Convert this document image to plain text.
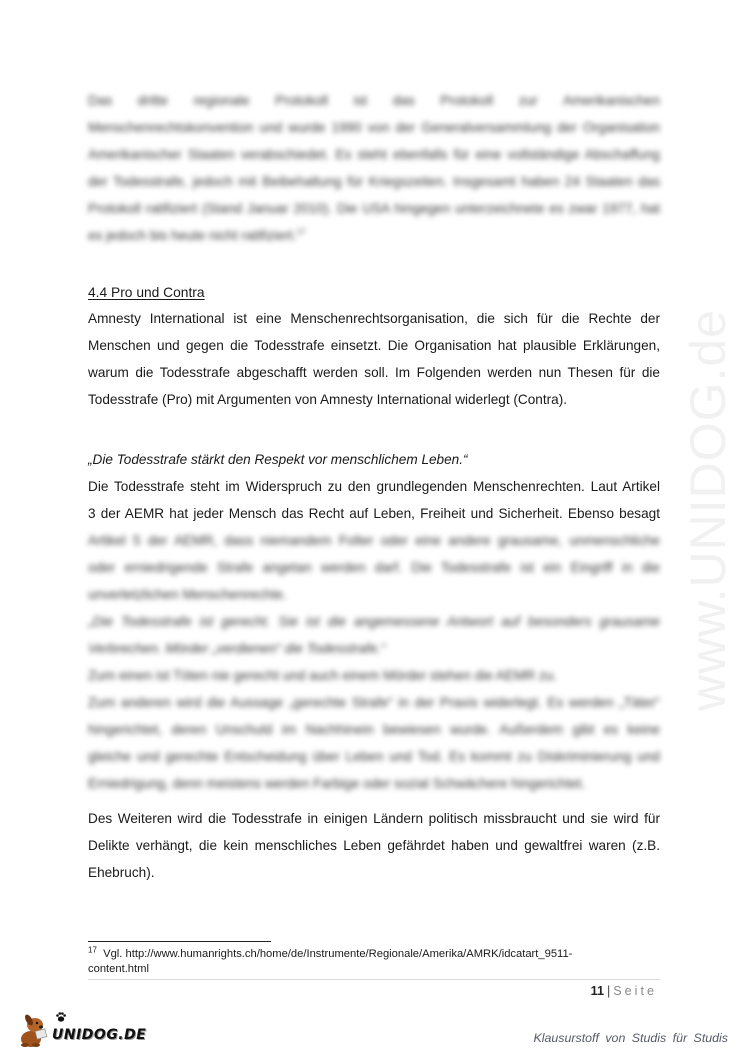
www.UNIDOG.de
Das dritte regionale Protokoll ist das Protokoll zur Amerikanischen
Menschenrechtskonvention und wurde 1990 von der Generalversammlung der Organisation
Amerikanischer Staaten verabschiedet. Es steht ebenfalls für eine vollständige Abschaffung
der Todesstrafe, jedoch mit Beibehaltung für Kriegszeiten. Insgesamt haben 24 Staaten das
Protokoll ratifiziert (Stand Januar 2010). Die USA hingegen unterzeichnete es zwar 1977, hat
es jedoch bis heute nicht ratifiziert.$^{17}$
4.4 Pro und Contra
Amnesty International ist eine Menschenrechtsorganisation, die sich für die Rechte der
Menschen und gegen die Todesstrafe einsetzt. Die Organisation hat plausible Erklärungen,
warum die Todesstrafe abgeschafft werden soll. Im Folgenden werden nun Thesen für die
Todesstrafe (Pro) mit Argumenten von Amnesty International widerlegt (Contra).
„Die Todesstrafe stärkt den Respekt vor menschlichem Leben.“
Die Todesstrafe steht im Widerspruch zu den grundlegenden Menschenrechten. Laut Artikel
3 der AEMR hat jeder Mensch das Recht auf Leben, Freiheit und Sicherheit. Ebenso besagt
Artikel 5 der AEMR, dass niemandem Folter oder eine andere grausame, unmenschliche
oder erniedrigende Strafe angetan werden darf. Die Todesstrafe ist ein Eingriff in die
unverletzlichen Menschenrechte.
„Die Todesstrafe ist gerecht. Sie ist die angemessene Antwort auf besonders grausame
Verbrechen. Mörder „verdienen“ die Todesstrafe.“
Zum einen ist Töten nie gerecht und auch einem Mörder stehen die AEMR zu.
Zum anderen wird die Aussage „gerechte Strafe“ in der Praxis widerlegt. Es werden „Täter“
hingerichtet, deren Unschuld im Nachhinein bewiesen wurde. Außerdem gibt es keine
gleiche und gerechte Entscheidung über Leben und Tod. Es kommt zu Diskriminierung und
Erniedrigung, denn meistens werden Farbige oder sozial Schwächere hingerichtet.
Des Weiteren wird die Todesstrafe in einigen Ländern politisch missbraucht und sie wird für
Delikte verhängt, die kein menschliches Leben gefährdet haben und gewaltfrei waren (z.B.
Ehebruch).
$^{17}$ Vgl. http://www.humanrights.ch/home/de/Instrumente/Regionale/Amerika/AMRK/idcatart_9511-
content.html
11 | Seite
UNIDOG.DE	Klausurstoff von Studis für Studis
